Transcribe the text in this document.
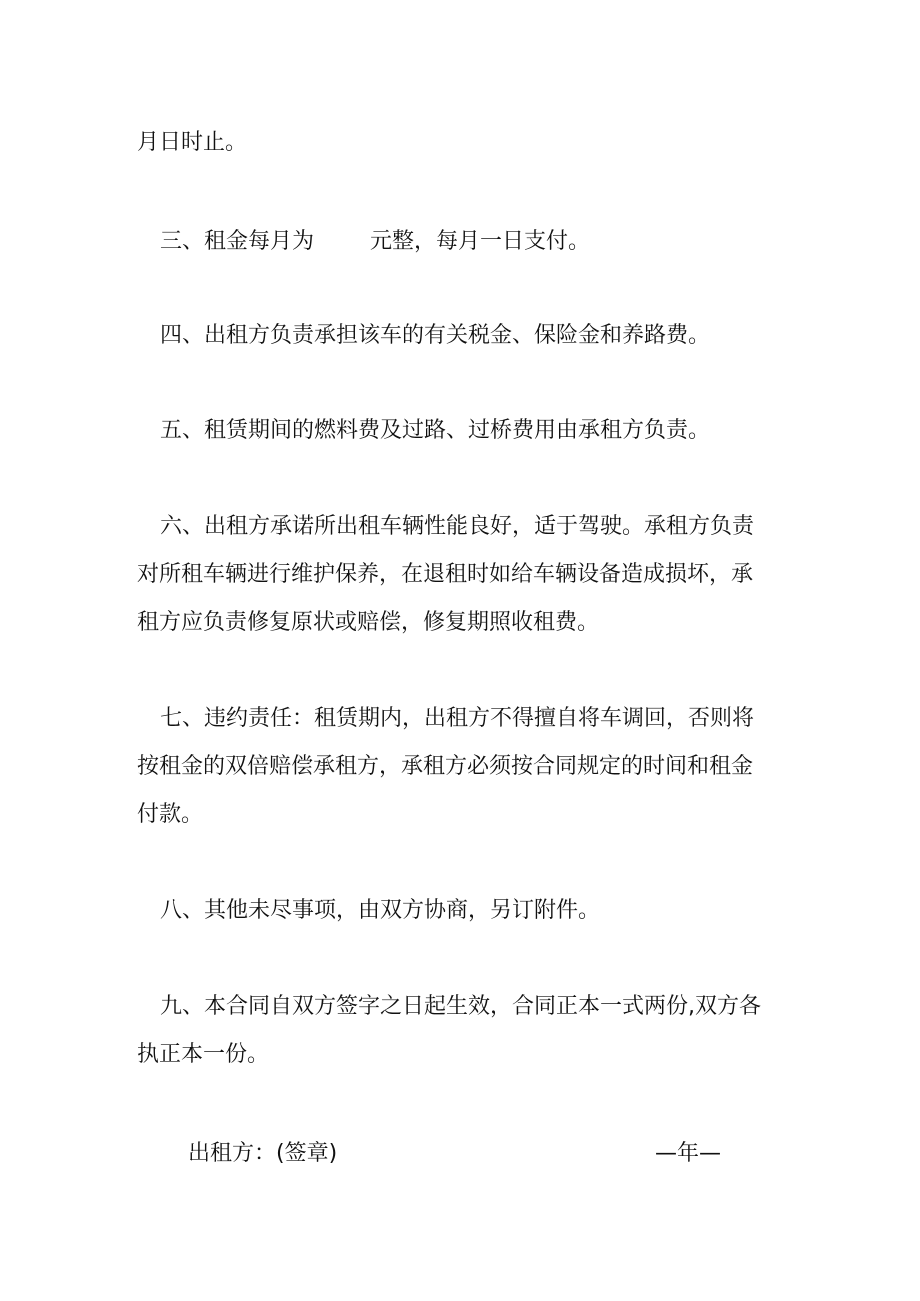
月日时止。
三、租金每月为	元整，每月一日支付。
四、出租方负责承担该车的有关税金、保险金和养路费。
五、租赁期间的燃料费及过路、过桥费用由承租方负责。
六、出租方承诺所出租车辆性能良好，适于驾驶。承租方负责
对所租车辆进行维护保养，在退租时如给车辆设备造成损坏，承
租方应负责修复原状或赔偿，修复期照收租费。
七、违约责任：租赁期内，出租方不得擅自将车调回，否则将
按租金的双倍赔偿承租方，承租方必须按合同规定的时间和租金
付款。
八、其他未尽事项，由双方协商，另订附件。
九、本合同自双方签字之日起生效，合同正本一式两份,双方各
执正本一份。
出租方：(签章)	—年—
